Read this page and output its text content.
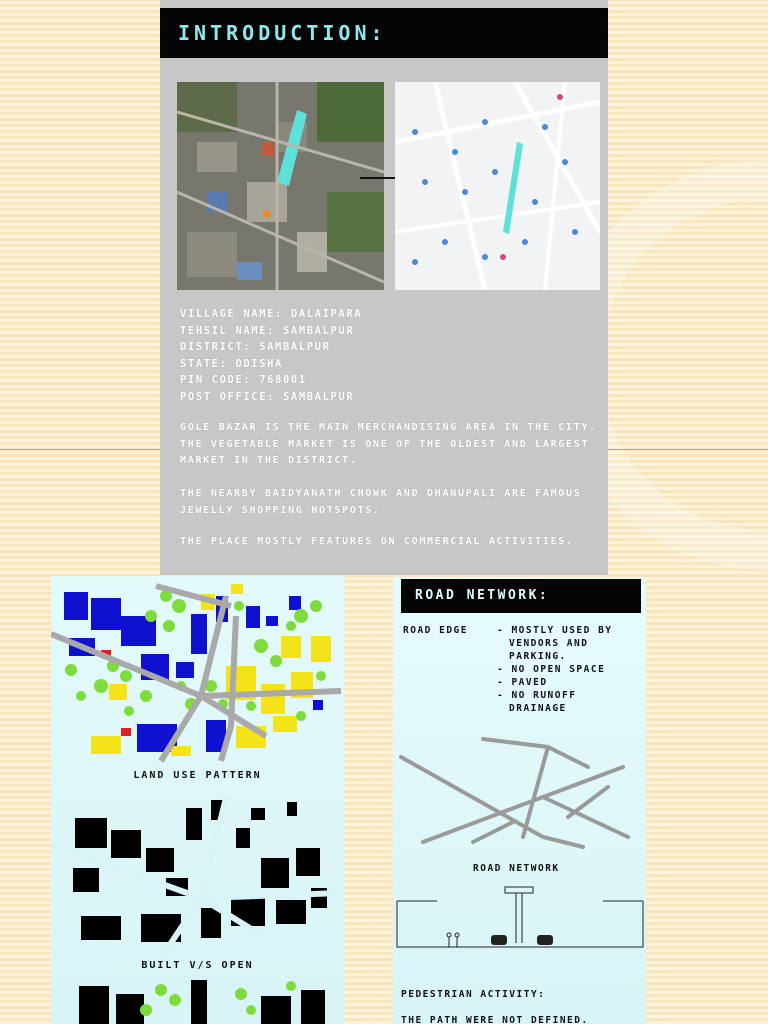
INTRODUCTION:
VILLAGE NAME: DALAIPARA
TEHSIL NAME: SAMBALPUR
DISTRICT: SAMBALPUR
STATE: ODISHA
PIN CODE: 768001
POST OFFICE: SAMBALPUR
GOLE BAZAR IS THE MAIN MERCHANDISING AREA IN THE CITY. THE VEGETABLE MARKET IS ONE OF THE OLDEST AND LARGEST MARKET IN THE DISTRICT.
THE NEARBY BAIDYANATH CHOWK AND DHANUPALI ARE FAMOUS JEWELLY SHOPPING HOTSPOTS.
THE PLACE MOSTLY FEATURES ON COMMERCIAL ACTIVITIES.
LAND USE PATTERN
BUILT V/S OPEN
ROAD NETWORK:
ROAD EDGE	- MOSTLY USED BY
VENDORS AND
PARKING.
- NO OPEN SPACE
- PAVED
- NO RUNOFF
DRAINAGE
ROAD NETWORK
PEDESTRIAN ACTIVITY:
THE PATH WERE NOT DEFINED.
